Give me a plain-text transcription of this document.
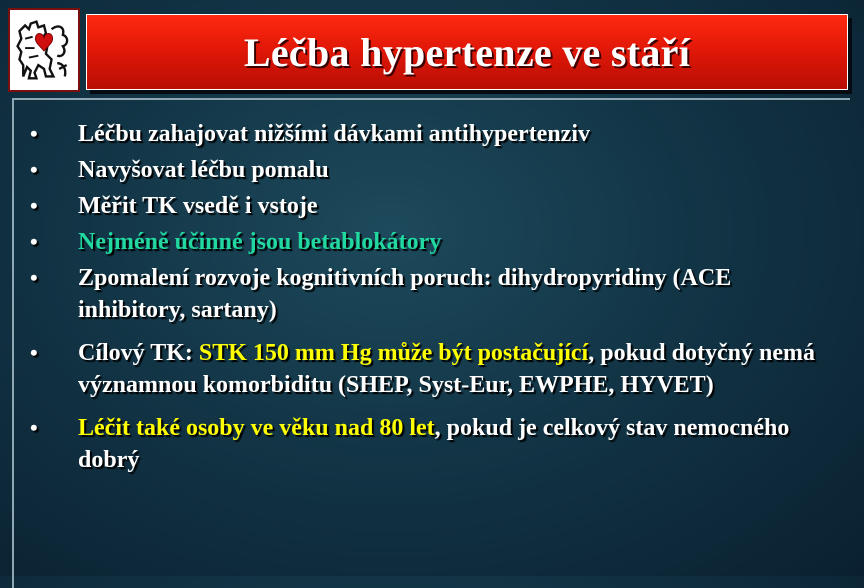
Léčba hypertenze ve stáří
• Léčbu zahajovat nižšími dávkami antihypertenziv
• Navyšovat léčbu pomalu
• Měřit TK vsedě i vstoje
• Nejméně účinné jsou betablokátory
• Zpomalení rozvoje kognitivních poruch: dihydropyridiny (ACE inhibitory, sartany)
• Cílový TK: STK 150 mm Hg může být postačující, pokud dotyčný nemá významnou komorbiditu (SHEP, Syst-Eur, EWPHE, HYVET)
• Léčit také osoby ve věku nad 80 let, pokud je celkový stav nemocného dobrý
